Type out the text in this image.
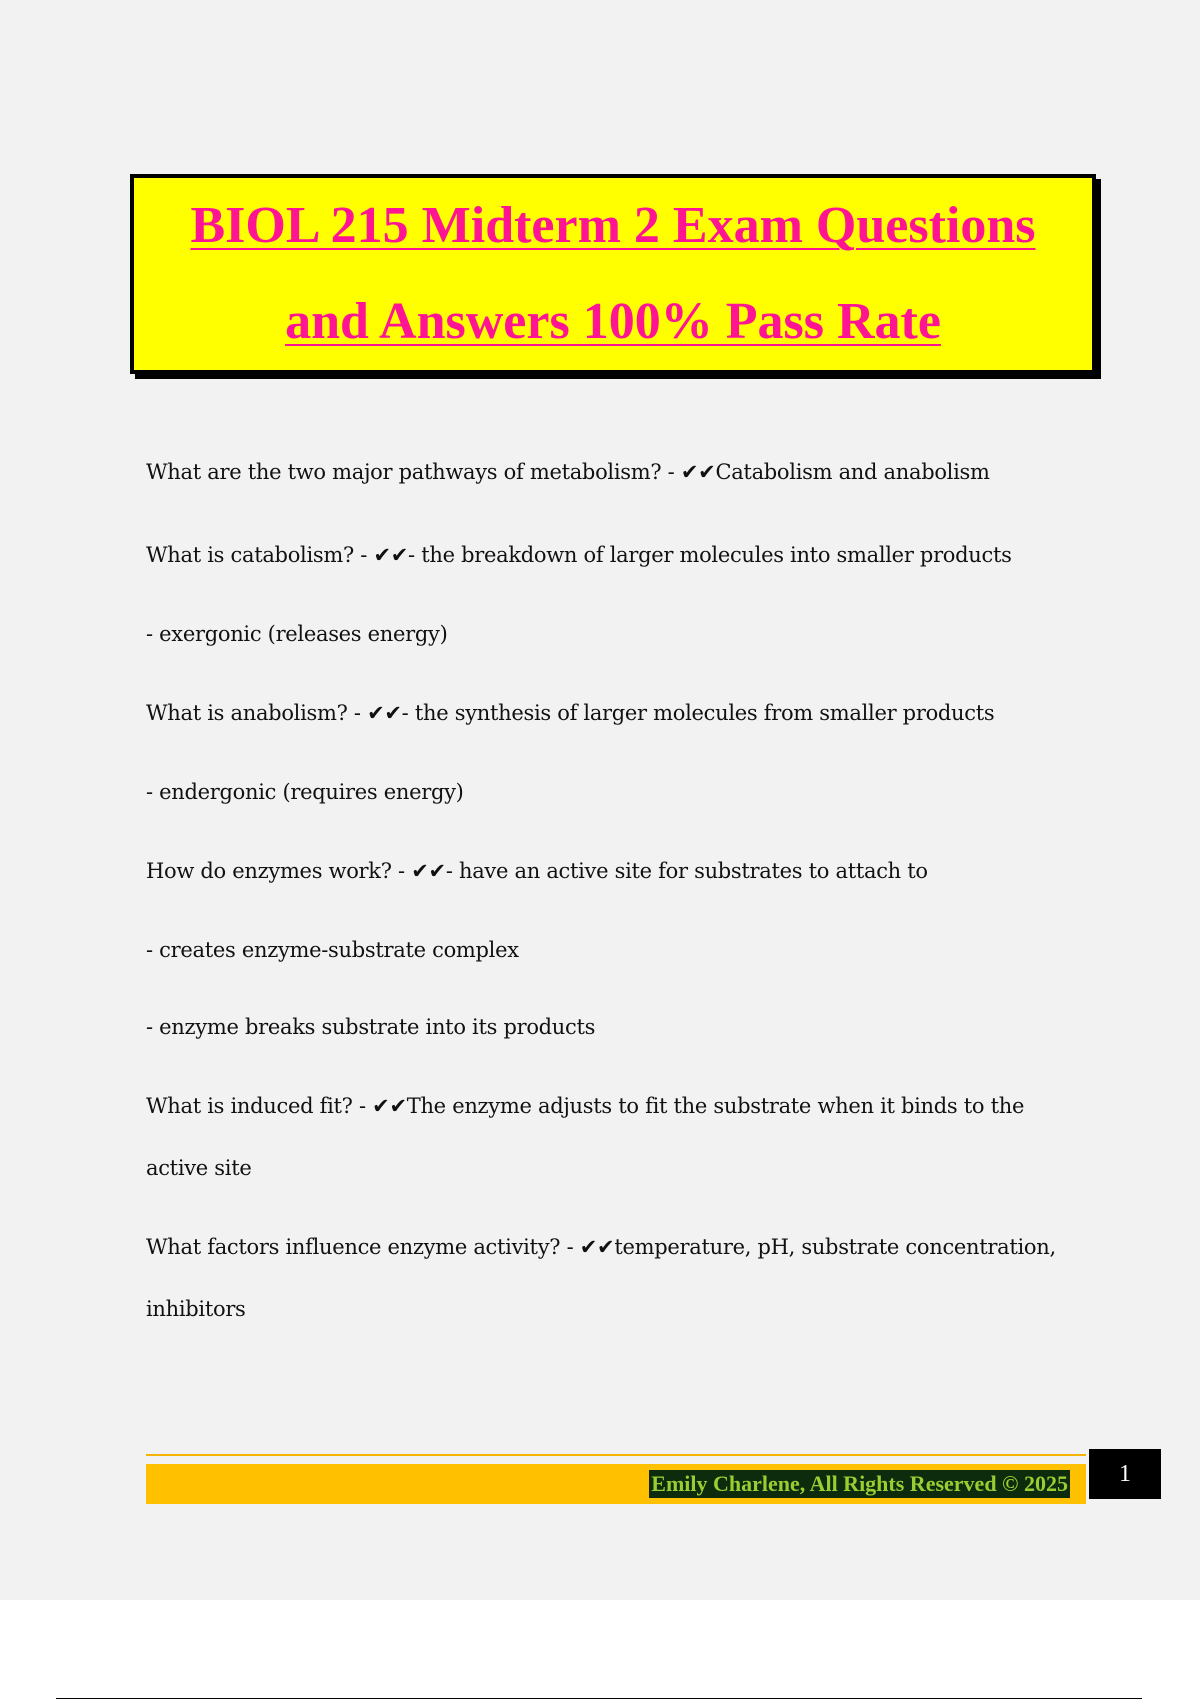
BIOL 215 Midterm 2 Exam Questions
and Answers 100% Pass Rate
What are the two major pathways of metabolism? - ✔✔Catabolism and anabolism
What is catabolism? - ✔✔- the breakdown of larger molecules into smaller products
- exergonic (releases energy)
What is anabolism? - ✔✔- the synthesis of larger molecules from smaller products
- endergonic (requires energy)
How do enzymes work? - ✔✔- have an active site for substrates to attach to
- creates enzyme-substrate complex
- enzyme breaks substrate into its products
What is induced fit? - ✔✔The enzyme adjusts to fit the substrate when it binds to the
active site
What factors influence enzyme activity? - ✔✔temperature, pH, substrate concentration,
inhibitors
Emily Charlene, All Rights Reserved © 2025	1
